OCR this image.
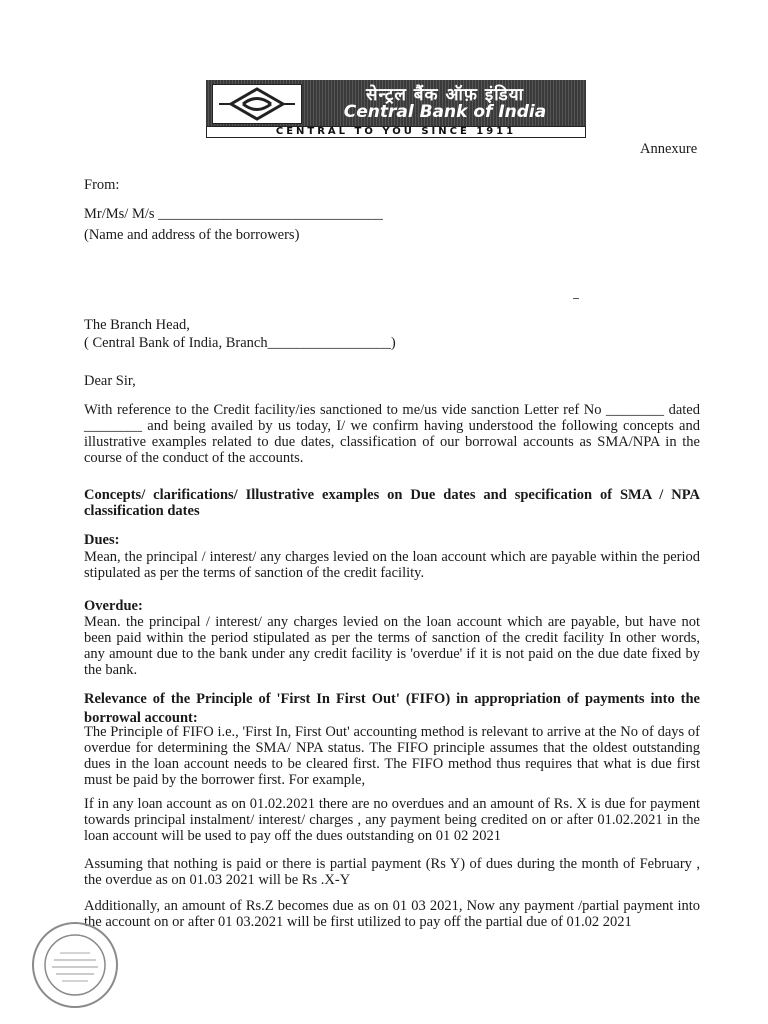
सेन्ट्रल बैंक ऑफ़ इंडिया
Central Bank of India
CENTRAL TO YOU SINCE 1911
Annexure
From:
Mr/Ms/ M/s _______________________________
(Name and address of the borrowers)
The Branch Head,
( Central Bank of India, Branch_________________)
Dear Sir,
With reference to the Credit facility/ies sanctioned to me/us vide sanction Letter ref No ________ dated ________ and being availed by us today, I/ we confirm having understood the following concepts and illustrative examples related to due dates, classification of our borrowal accounts as SMA/NPA in the course of the conduct of the accounts.
Concepts/ clarifications/ Illustrative examples on Due dates and specification of SMA / NPA classification dates
Dues:
Mean, the principal / interest/ any charges levied on the loan account which are payable within the period stipulated as per the terms of sanction of the credit facility.
Overdue:
Mean. the principal / interest/ any charges levied on the loan account which are payable, but have not been paid within the period stipulated as per the terms of sanction of the credit facility In other words, any amount due to the bank under any credit facility is 'overdue' if it is not paid on the due date fixed by the bank.
Relevance of the Principle of 'First In First Out' (FIFO) in appropriation of payments into the borrowal account:
The Principle of FIFO i.e., 'First In, First Out' accounting method is relevant to arrive at the No of days of overdue for determining the SMA/ NPA status. The FIFO principle assumes that the oldest outstanding dues in the loan account needs to be cleared first. The FIFO method thus requires that what is due first must be paid by the borrower first. For example,
If in any loan account as on 01.02.2021 there are no overdues and an amount of Rs. X is due for payment towards principal instalment/ interest/ charges , any payment being credited on or after 01.02.2021 in the loan account will be used to pay off the dues outstanding on 01 02 2021
Assuming that nothing is paid or there is partial payment (Rs Y) of dues during the month of February , the overdue as on 01.03 2021 will be Rs .X-Y
Additionally, an amount of Rs.Z becomes due as on 01 03 2021, Now any payment /partial payment into the account on or after 01 03.2021 will be first utilized to pay off the partial due of 01.02 2021
